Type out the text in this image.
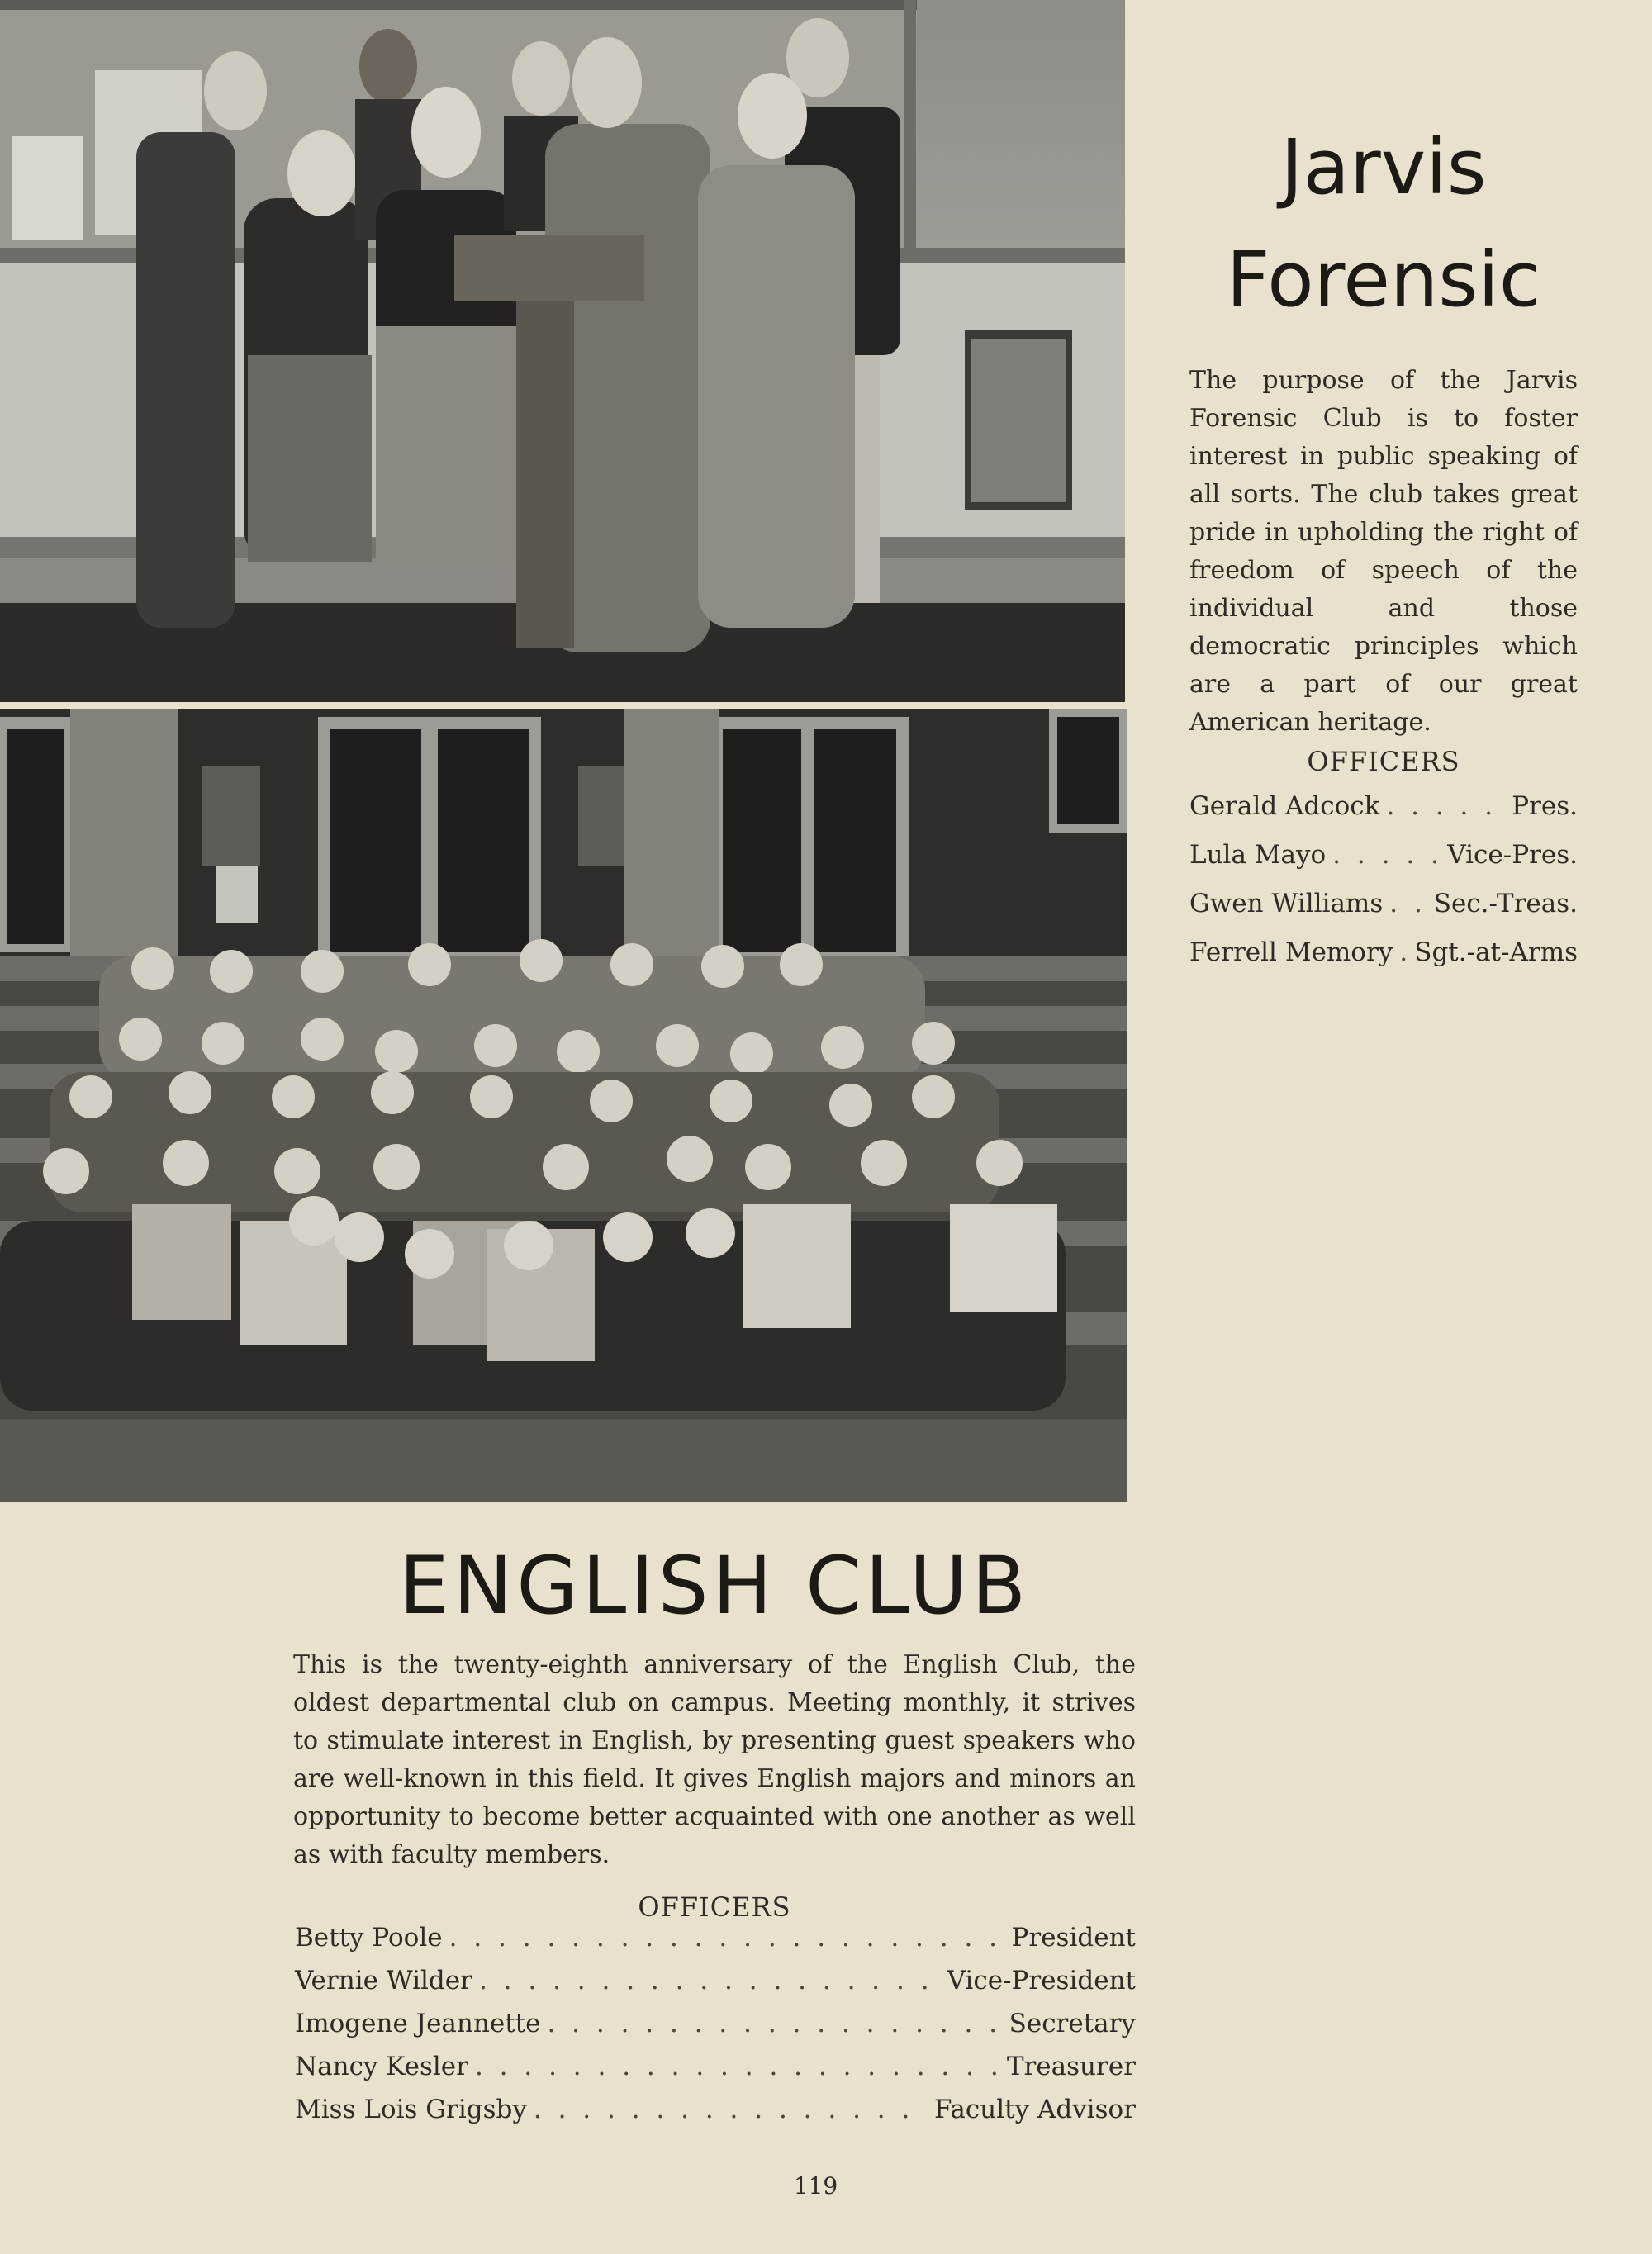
Jarvis Forensic

The purpose of the Jarvis Forensic Club is to foster interest in public speaking of all sorts. The club takes great pride in upholding the right of freedom of speech of the individual and those democratic principles which are a part of our great American heritage.

OFFICERS

Gerald Adcock . . .	Pres.
Lula Mayo . . .	Vice-Pres.
Gwen Williams . . . Sec.-Treas.
Ferrell Memory . . . Sgt.-at-Arms
ENGLISH CLUB

This is the twenty-eighth anniversary of the English Club, the oldest departmental club on campus. Meeting monthly, it strives to stimulate interest in English, by presenting guest speakers who are well-known in this field. It gives English majors and minors an opportunity to become better acquainted with one another as well as with faculty members.

OFFICERS

Betty Poole . . .	President
Vernie Wilder . . .	Vice-President
Imogene Jeannette . . .	Secretary
Nancy Kesler . . .	Treasurer
Miss Lois Grigsby . . .	Faculty Advisor

119
